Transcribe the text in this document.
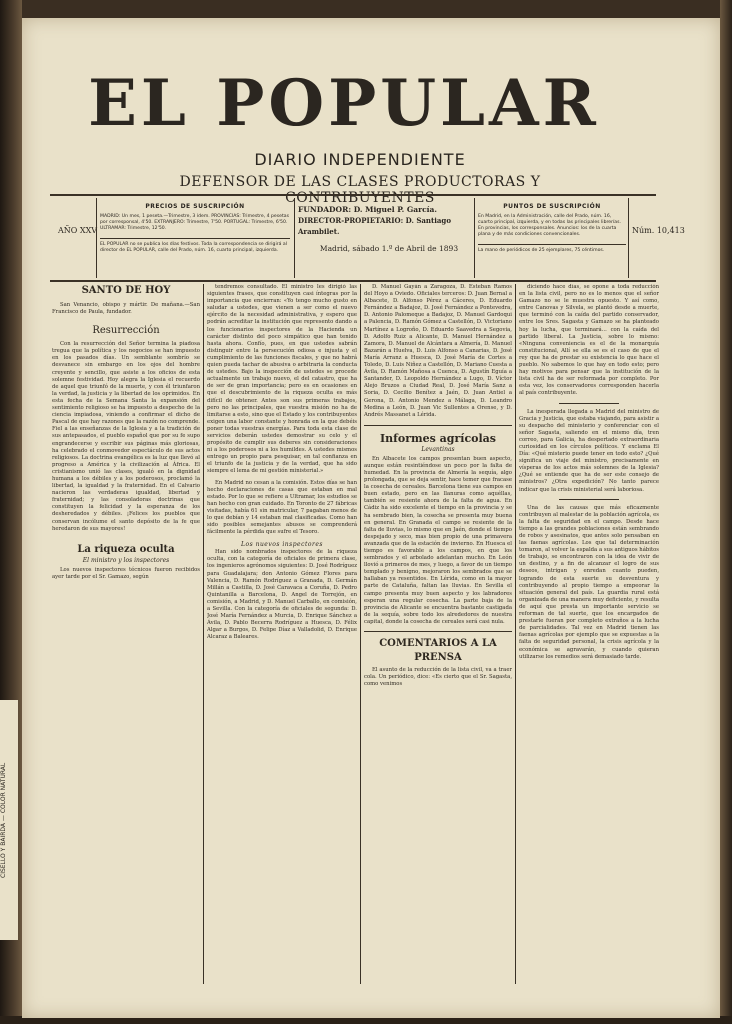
CISELLO Y BAIRDA — COLOR NATURAL
EL POPULAR
DIARIO INDEPENDIENTE
DEFENSOR DE LAS CLASES PRODUCTORAS Y CONTRIBUYENTES
AÑO XXV
PRECIOS DE SUSCRIPCIÓN
MADRID: Un mes, 1 peseta.—Trimestre, 3 ídem. PROVINCIAS: Trimestre, 4 pesetas por corresponsal, 4'50. EXTRANJERO: Trimestre, 7'50. PORTUGAL: Trimestre, 6'50. ULTRAMAR: Trimestre, 12'50.
EL POPULAR no se publica los días festivos. Toda la correspondencia se dirigirá al director de EL POPULAR, calle del Prado, núm. 16, cuarto principal, izquierda.
FUNDADOR: D. Miguel P. García.
DIRECTOR-PROPIETARIO: D. Santiago Arambilet.
Madrid, sábado 1.º de Abril de 1893
PUNTOS DE SUSCRIPCIÓN
En Madrid, en la Administración, calle del Prado, núm. 16, cuarto principal, izquierda, y en todas las principales librerías. En provincias, los corresponsales. Anuncios: los de la cuarta plana y de más condiciones convencionales.
La mano de periódicos de 25 ejemplares, 75 céntimos.
Núm. 10,413
SANTO DE HOY

San Venancio, obispo y mártir. De mañana.—San Francisco de Paula, fundador.

Resurrección

Con la resurrección del Señor termina la piadosa tregua que la política y los negocios se han impuesto en los pasados días. Un semblante sombrío se desvanece sin embargo en los ojos del hombre creyente y sencillo, que asiste a los oficios de esta solemne festividad. Hoy alegra la Iglesia el recuerdo de aquel que triunfó de la muerte, y con él triunfaron la verdad, la justicia y la libertad de los oprimidos. En esta fecha de la Semana Santa la expansión del sentimiento religioso se ha impuesto a despecho de la ciencia impiadosa, viniendo a confirmar el dicho de Pascal de que hay razones que la razón no comprende. Fiel a las enseñanzas de la Iglesia y a la tradición de sus antepasados, el pueblo español que por su fe supo engrandecerse y escribir sus páginas más gloriosas, ha celebrado el conmovedor espectáculo de sus actos religiosos. La doctrina evangélica es la luz que llevó al progreso a América y la civilización al África. El cristianismo unió las clases, igualó en la dignidad humana a los débiles y a los poderosos, proclamó la libertad, la igualdad y la fraternidad. En el Calvario nacieron las verdaderas igualdad, libertad y fraternidad; y las consoladoras doctrinas que constituyen la felicidad y la esperanza de los desheredados y débiles. ¡Felices los pueblos que conservan incólume el santo depósito de la fe que heredaron de sus mayores!

La riqueza oculta
El ministro y los inspectores

Los nuevos inspectores técnicos fueron recibidos ayer tarde por el Sr. Gamazo, según

tendremos consultado. El ministro les dirigió las siguientes frases, que constituyen casi íntegras por la importancia que encierran: «Yo tengo mucho gusto en saludar a ustedes, que vienen a ser como el nuevo ejército de la necesidad administrativa, y espero que podrán acreditar la institución que represento dando a los funcionarios inspectores de la Hacienda un carácter distinto del poco simpático que han tenido hasta ahora. Confío, pues, en que ustedes sabrán distinguir entre la persecución odiosa e injusta y el cumplimiento de las funciones fiscales, y que no habrá quien pueda tachar de abusiva o arbitraria la conducta de ustedes. Bajo la inspección de ustedes se procede actualmente un trabajo nuevo, el del catastro, que ha de ser de gran importancia; pero es en ocasiones en que el descubrimiento de la riqueza oculta es más difícil de obtener. Antes son sus primeras trabajos, pero no las principales, que vuestra misión no ha de limitarse a esto, sino que el Estado y los contribuyentes exigen una labor constante y honrada en la que debéis poner todas vuestras energías. Para toda esta clase de servicios deberán ustedes demostrar su celo y el propósito de cumplir sus deberes sin consideraciones ni a los poderosos ni a los humildes. A ustedes mismos entrego un propio para pesquisar, en tal confianza en el triunfo de la justicia y de la verdad, que ha sido siempre el lema de mi gestión ministerial.»

En Madrid no cesan a la comisión. Estos días se han hecho declaraciones de casas que estaban en mal estado. Por lo que se refiere a Ultramar, los estudios se han hecho con gran cuidado. En Toronto de 27 fábricas visitadas, había 61 sin matricular, 7 pagaban menos de lo que debían y 14 estaban mal clasificadas. Como han sido posibles semejantes abusos se comprenderá fácilmente la pérdida que sufre el Tesoro.

Los nuevos inspectores

Han sido nombrados inspectores de la riqueza oculta, con la categoría de oficiales de primera clase, los ingenieros agrónomos siguientes: D. José Rodríguez para Guadalajara; don Antonio Gómez Flores para Valencia, D. Ramón Rodríguez a Granada, D. Germán Millán a Castilla, D. José Caravaca a Coruña, D. Pedro Quintanilla a Barcelona, D. Angel de Torrejón, en comisión, a Madrid, y D. Manuel Carballo, en comisión, a Sevilla. Con la categoría de oficiales de segunda: D. José María Fernández a Murcia, D. Enrique Sánchez a Ávila, D. Pablo Becerra Rodríguez a Huesca, D. Félix Algar a Burgos, D. Felipe Díaz a Valladolid, D. Enrique Alcaraz a Baleares.

D. Manuel Gayán a Zaragoza, D. Esteban Ramos del Hoyo a Oviedo. Oficiales terceros: D. Juan Bernal a Albacete, D. Alfonso Pérez a Cáceres, D. Eduardo Fernández a Badajoz, D. José Fernández a Pontevedra, D. Antonio Palomeque a Badajoz, D. Manuel Gardoqui a Palencia, D. Ramón Gómez a Castellón, D. Victoriano Martínez a Logroño, D. Eduardo Saavedra a Segovia, D. Adolfo Ruiz a Alicante, D. Manuel Hernández a Zamora, D. Manuel de Alcántara a Almería, D. Manuel Bazarán a Huelva, D. Luis Alfonso a Canarias, D. José María Arranz a Huesca, D. José María de Cortes a Toledo, D. Luis Niñez a Castellón, D. Mariano Cuesta a Ávila, D. Ramón Mañosa a Cuenca, D. Agustín Eguía a Santander, D. Leopoldo Hernández a Lugo, D. Víctor Alejo Bruzos a Ciudad Real, D. José María Sanz a Soria, D. Cecilio Benítez a Jaén, D. Juan Antiel a Gerona, D. Antonio Mendez a Málaga, D. Leandro Medina a León, D. Juan Vic Sullentes a Orense, y D. Andrés Massanet a Lérida.

Informes agrícolas
Levantinas

En Albacete los campos presentan buen aspecto, aunque están resintiéndose un poco por la falta de humedad. En la provincia de Almería la sequía, algo prolongada, que se deja sentir, hace temer que fracase la cosecha de cereales. Barcelona tiene sus campos en buen estado, pero en las llanuras como aquéllas, también se resiente ahora de la falta de agua. En Cádiz ha sido excelente el tiempo en la provincia y se ha sembrado bien, la cosecha se presenta muy buena en general. En Granada el campo se resiente de la falta de lluvias, lo mismo que en Jaén, donde el tiempo despejado y seco, mas bien propio de una primavera avanzada que de la estación de invierno. En Huesca el tiempo es favorable a los campos, en que los sembrados y el arbolado adelantan mucho. En León llovió a primeros de mes, y luego, a favor de un tiempo templado y benigno, mejoraron los sembrados que se hallaban ya resentidos. En Lérida, como en la mayor parte de Cataluña, faltan las lluvias. En Sevilla el campo presenta muy buen aspecto y los labradores esperan una regular cosecha. La parte baja de la provincia de Alicante se encuentra bastante castigada de la sequía, sobre todo los alrededores de nuestra capital, donde la cosecha de cereales será casi nula.

COMENTARIOS A LA PRENSA

El asunto de la reducción de la lista civil, va a traer cola. Un periódico, dice: «Es cierto que el Sr. Sagasta, como venimos

diciendo hace días, se opone a toda reducción en la lista civil, pero no es lo menos que el señor Gamazo no se le muestra opuesto. Y así como, entre Canovas y Silvela, se plantó desde a muerte, que terminó con la caída del partido conservador, entre los Sres. Sagasta y Gamazo se ha planteado hoy la lucha, que terminará... con la caída del partido liberal. La Justicia, sobre lo mismo: «Ninguna conveniencia es el de la monarquía constitucional, Allí se ella se es el caso de que el rey que ha de prestar su existencia lo que hace el pueblo. No sabemos lo que hay en todo esto; pero hay motivos para pensar que la institución de la lista civil ha de ser reformada por completo. Por esta vez, los conservadores corresponden hacerla al país contribuyente.

La inesperada llegada a Madrid del ministro de Gracia y Justicia, que estaba viajando, para asistir a su despacho del ministerio y conferenciar con el señor Sagasta, saliendo en el mismo día, tren correo, para Galicia, ha despertado extraordinaria curiosidad en los círculos políticos. Y exclama El Día: «Qué misterio puede tener en todo esto? ¿Qué significa un viaje del ministro, precisamente en vísperas de los actos más solemnes de la Iglesia? ¿Qué se entiende que ha de ser este consejo de ministros? ¿Otra expedición? No tanto parece indicar que la crisis ministerial será laboriosa.

Una de las causas que más eficazmente contribuyen al malestar de la población agrícola, es la falta de seguridad en el campo. Desde hace tiempo a las grandes poblaciones están sembrando de robos y asesinatos, que antes solo pensaban en las faenas agrícolas. Los que tal determinación tomaron, al volver la espalda a sus antiguos hábitos de trabajo, se encontraron con la idea de vivir de un destino, y a fin de alcanzar el logro de sus deseos, intrigan y enredan cuanto pueden, logrando de esta suerte su desventura y contribuyendo al propio tiempo a empeorar la situación general del país. La guardia rural está organizada de una manera muy deficiente, y resulta de aquí que presta un importante servicio se reforman de tal suerte, que los encargados de prestarle fueran por completo extraños a la lucha de parcialidades. Tal vez en Madrid tienen las faenas agrícolas por ejemplo que se expuestas a la falta de seguridad personal, la crisis agrícola y la económica se agravarán, y cuando quieran utilizarse los remedios será demasiado tarde.
